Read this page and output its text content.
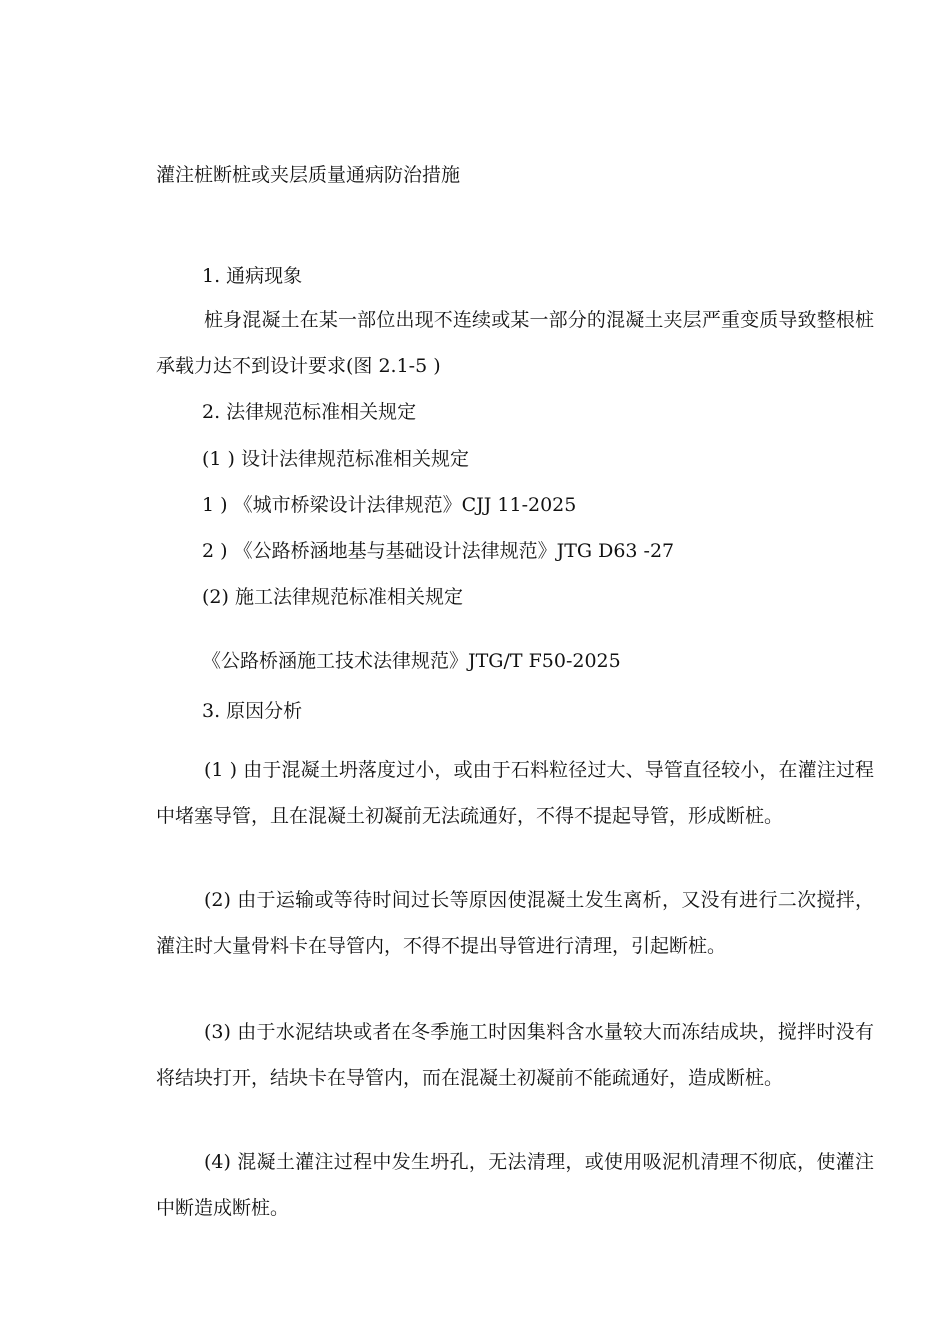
灌注桩断桩或夹层质量通病防治措施
1. 通病现象
桩身混凝土在某一部位出现不连续或某一部分的混凝土夹层严重变质导致整根桩承载力达不到设计要求(图 2.1-5 )
2. 法律规范标准相关规定
(1 ) 设计法律规范标准相关规定
1 ) 《城市桥梁设计法律规范》CJJ 11-2025
2 ) 《公路桥涵地基与基础设计法律规范》JTG D63 -27
(2) 施工法律规范标准相关规定
《公路桥涵施工技术法律规范》JTG/T F50-2025
3. 原因分析
(1 ) 由于混凝土坍落度过小，或由于石料粒径过大、导管直径较小，在灌注过程中堵塞导管，且在混凝土初凝前无法疏通好，不得不提起导管，形成断桩。
(2) 由于运输或等待时间过长等原因使混凝土发生离析，又没有进行二次搅拌，灌注时大量骨料卡在导管内，不得不提出导管进行清理，引起断桩。
(3) 由于水泥结块或者在冬季施工时因集料含水量较大而冻结成块，搅拌时没有将结块打开，结块卡在导管内，而在混凝土初凝前不能疏通好，造成断桩。
(4) 混凝土灌注过程中发生坍孔，无法清理，或使用吸泥机清理不彻底，使灌注中断造成断桩。
